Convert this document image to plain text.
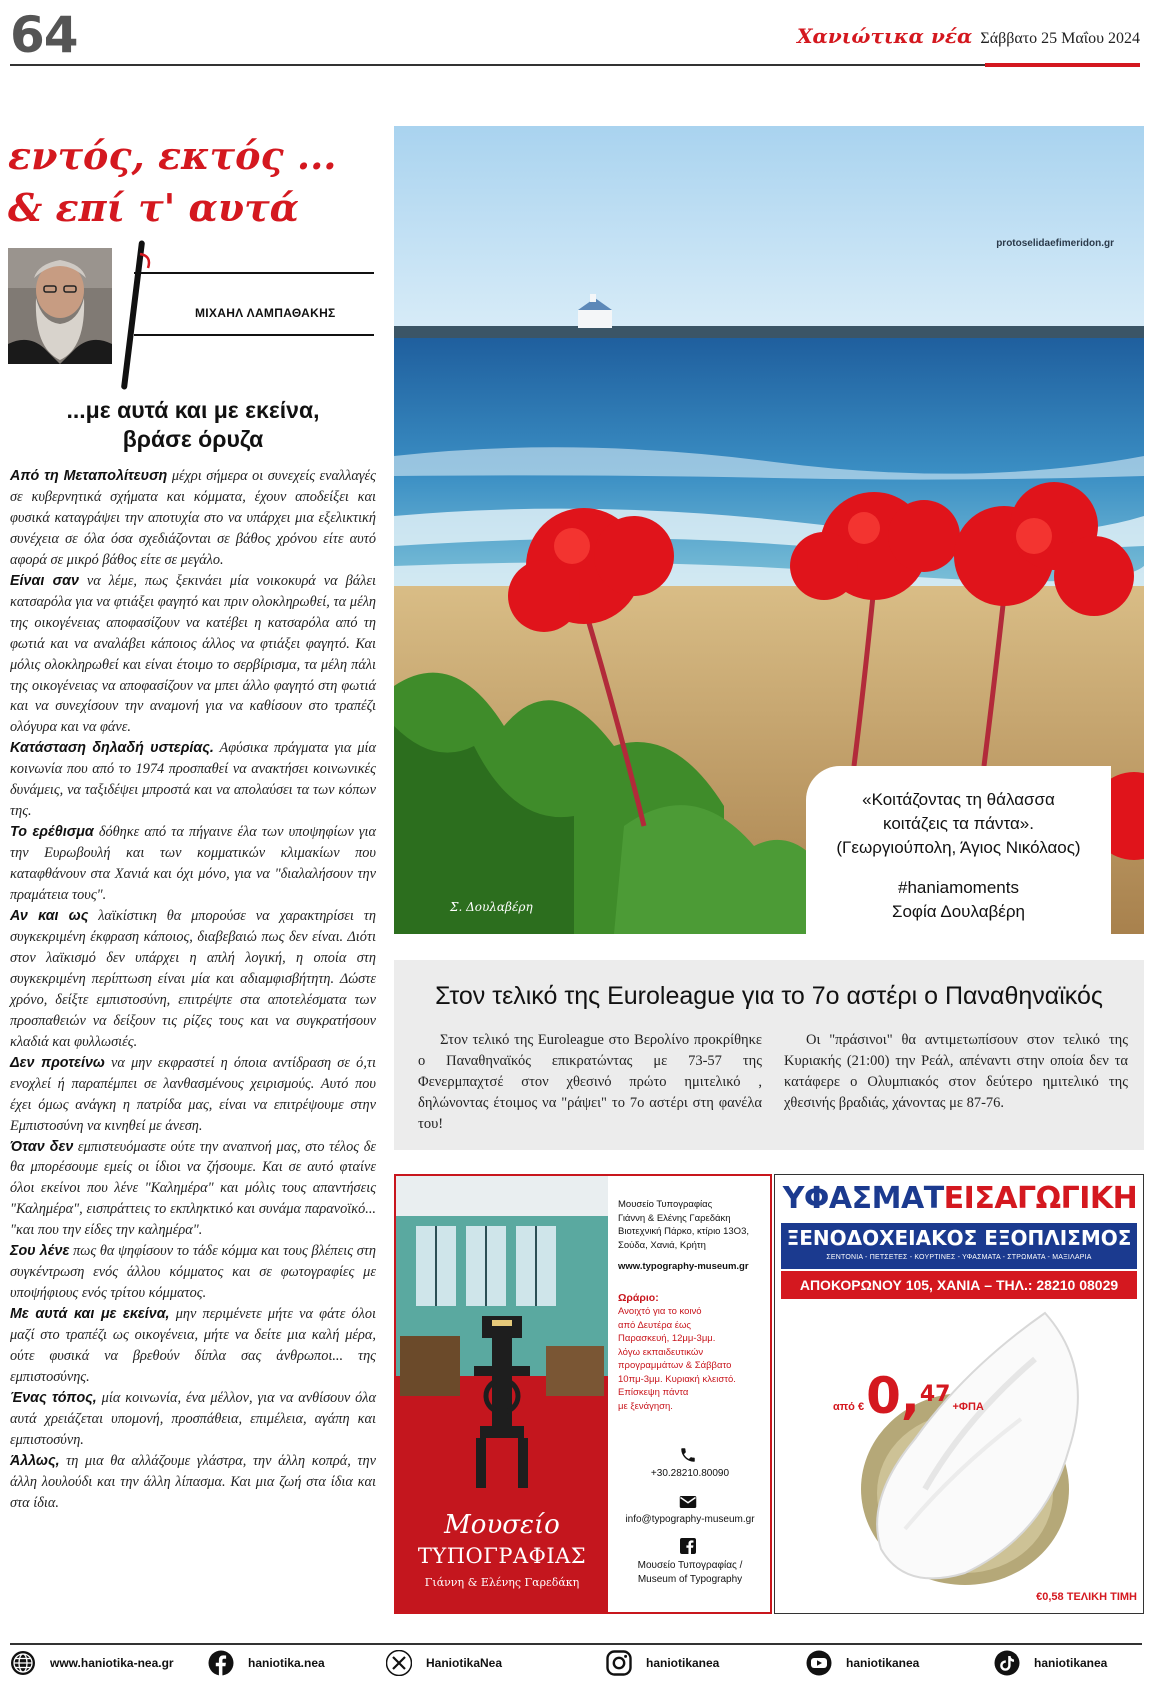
64	Χανιώτικα νέα Σάββατο 25 Μαΐου 2024
εντός, εκτός ...
& επί τ' αυτά
ΜΙΧΑΗΛ ΛΑΜΠΑΘΑΚΗΣ
...με αυτά και με εκείνα,
βράσε όρυζα

Από τη Μεταπολίτευση μέχρι σήμερα οι συνεχείς εναλλαγές σε κυβερνητικά σχήματα και κόμματα, έχουν αποδείξει και φυσικά καταγράψει την αποτυχία στο να υπάρχει μια εξελικτική συνέχεια σε όλα όσα σχεδιάζονται σε βάθος χρόνου είτε αυτό αφορά σε μικρό βάθος είτε σε μεγάλο.

Είναι σαν να λέμε, πως ξεκινάει μία νοικοκυρά να βάλει κατσαρόλα για να φτιάξει φαγητό και πριν ολοκληρωθεί, τα μέλη της οικογένειας αποφασίζουν να κατέβει η κατσαρόλα από τη φωτιά και να αναλάβει κάποιος άλλος να φτιάξει φαγητό. Και μόλις ολοκληρωθεί και είναι έτοιμο το σερβίρισμα, τα μέλη πάλι της οικογένειας να αποφασίζουν να μπει άλλο φαγητό στη φωτιά και να συνεχίσουν την αναμονή για να καθίσουν στο τραπέζι ολόγυρα και να φάνε.

Κατάσταση δηλαδή υστερίας. Αφύσικα πράγματα για μία κοινωνία που από το 1974 προσπαθεί να ανακτήσει κοινωνικές δυνάμεις, να ταξιδέψει μπροστά και να απολαύσει τα των κόπων της.

Το ερέθισμα δόθηκε από τα πήγαινε έλα των υποψηφίων για την Ευρωβουλή και των κομματικών κλιμακίων που καταφθάνουν στα Χανιά και όχι μόνο, για να "διαλαλήσουν την πραμάτεια τους".

Αν και ως λαϊκίστικη θα μπορούσε να χαρακτηρίσει τη συγκεκριμένη έκφραση κάποιος, διαβεβαιώ πως δεν είναι. Διότι στον λαϊκισμό δεν υπάρχει η απλή λογική, η οποία στη συγκεκριμένη περίπτωση είναι μία και αδιαμφισβήτητη. Δώστε χρόνο, δείξτε εμπιστοσύνη, επιτρέψτε στα αποτελέσματα των προσπαθειών να δείξουν τις ρίζες τους και να συγκρατήσουν κλαδιά και φυλλωσιές.

Δεν προτείνω να μην εκφραστεί η όποια αντίδραση σε ό,τι ενοχλεί ή παραπέμπει σε λανθασμένους χειρισμούς. Αυτό που έχει όμως ανάγκη η πατρίδα μας, είναι να επιτρέψουμε στην Εμπιστοσύνη να κινηθεί με άνεση.

Όταν δεν εμπιστευόμαστε ούτε την αναπνοή μας, στο τέλος δε θα μπορέσουμε εμείς οι ίδιοι να ζήσουμε. Και σε αυτό φταίνε όλοι εκείνοι που λένε "Καλημέρα" και μόλις τους απαντήσεις "Καλημέρα", εισπράττεις το εκπληκτικό και συνάμα παρανοϊκό... "και που την είδες την καλημέρα".

Σου λένε πως θα ψηφίσουν το τάδε κόμμα και τους βλέπεις στη συγκέντρωση ενός άλλου κόμματος και σε φωτογραφίες με υποψήφιους ενός τρίτου κόμματος.

Με αυτά και με εκείνα, μην περιμένετε μήτε να φάτε όλοι μαζί στο τραπέζι ως οικογένεια, μήτε να δείτε μια καλή μέρα, ούτε φυσικά να βρεθούν δίπλα σας άνθρωποι... της εμπιστοσύνης.

Ένας τόπος, μία κοινωνία, ένα μέλλον, για να ανθίσουν όλα αυτά χρειάζεται υπομονή, προσπάθεια, επιμέλεια, αγάπη και εμπιστοσύνη.

Άλλως, τη μια θα αλλάζουμε γλάστρα, την άλλη κοπρά, την άλλη λουλούδι και την άλλη λίπασμα. Και μια ζωή στα ίδια και στα ίδια.

protoselidaefimeridon.gr
Σ. Δουλαβέρη
«Κοιτάζοντας τη θάλασσα
κοιτάζεις τα πάντα».
(Γεωργιούπολη, Άγιος Νικόλαος)
#haniamoments
Σοφία Δουλαβέρη
Στον τελικό της Euroleague για το 7ο αστέρι ο Παναθηναϊκός
Στον τελικό της Euroleague στο Βερολίνο προκρίθηκε ο Παναθηναϊκός επικρατώντας με 73-57 της Φενερμπαχτσέ στον χθεσινό πρώτο ημιτελικό , δηλώνοντας έτοιμος να "ράψει" το 7ο αστέρι στη φανέλα του!
Οι "πράσινοι" θα αντιμετωπίσουν στον τελικό της Κυριακής (21:00) την Ρεάλ, απέναντι στην οποία δεν τα κατάφερε ο Ολυμπιακός στον δεύτερο ημιτελικό της χθεσινής βραδιάς, χάνοντας με 87-76.
Μουσείο
ΤΥΠΟΓΡΑΦΙΑΣ
Γιάννη & Ελένης Γαρεδάκη
Μουσείο Τυπογραφίας
Γιάννη & Ελένης Γαρεδάκη
Βιοτεχνική Πάρκο, κτίριο 13Ο3,
Σούδα, Χανιά, Κρήτη
www.typography-museum.gr
Ωράριο:
Ανοιχτό για το κοινό
από Δευτέρα έως
Παρασκευή, 12μμ-3μμ.
λόγω εκπαιδευτικών
προγραμμάτων & Σάββατο
10πμ-3μμ. Κυριακή κλειστό.
Επίσκεψη πάντα
με ξενάγηση.
+30.28210.80090
info@typography-museum.gr
Μουσείο Τυπογραφίας /
Museum of Typography
ΥΦΑΣΜΑΤΕΙΣΑΓΩΓΙΚΗ
ΞΕΝΟΔΟΧΕΙΑΚΟΣ ΕΞΟΠΛΙΣΜΟΣ
ΣΕΝΤΟΝΙΑ - ΠΕΤΣΕΤΕΣ - ΚΟΥΡΤΙΝΕΣ - ΥΦΑΣΜΑΤΑ - ΣΤΡΩΜΑΤΑ - ΜΑΞΙΛΑΡΙΑ
ΑΠΟΚΟΡΩΝΟΥ 105, ΧΑΝΙΑ – ΤΗΛ.: 28210 08029
από € 0, 47 +ΦΠΑ
€0,58 ΤΕΛΙΚΗ ΤΙΜΗ
www.haniotika-nea.gr	haniotika.nea	HaniotikaNea	haniotikanea	haniotikanea	haniotikanea
